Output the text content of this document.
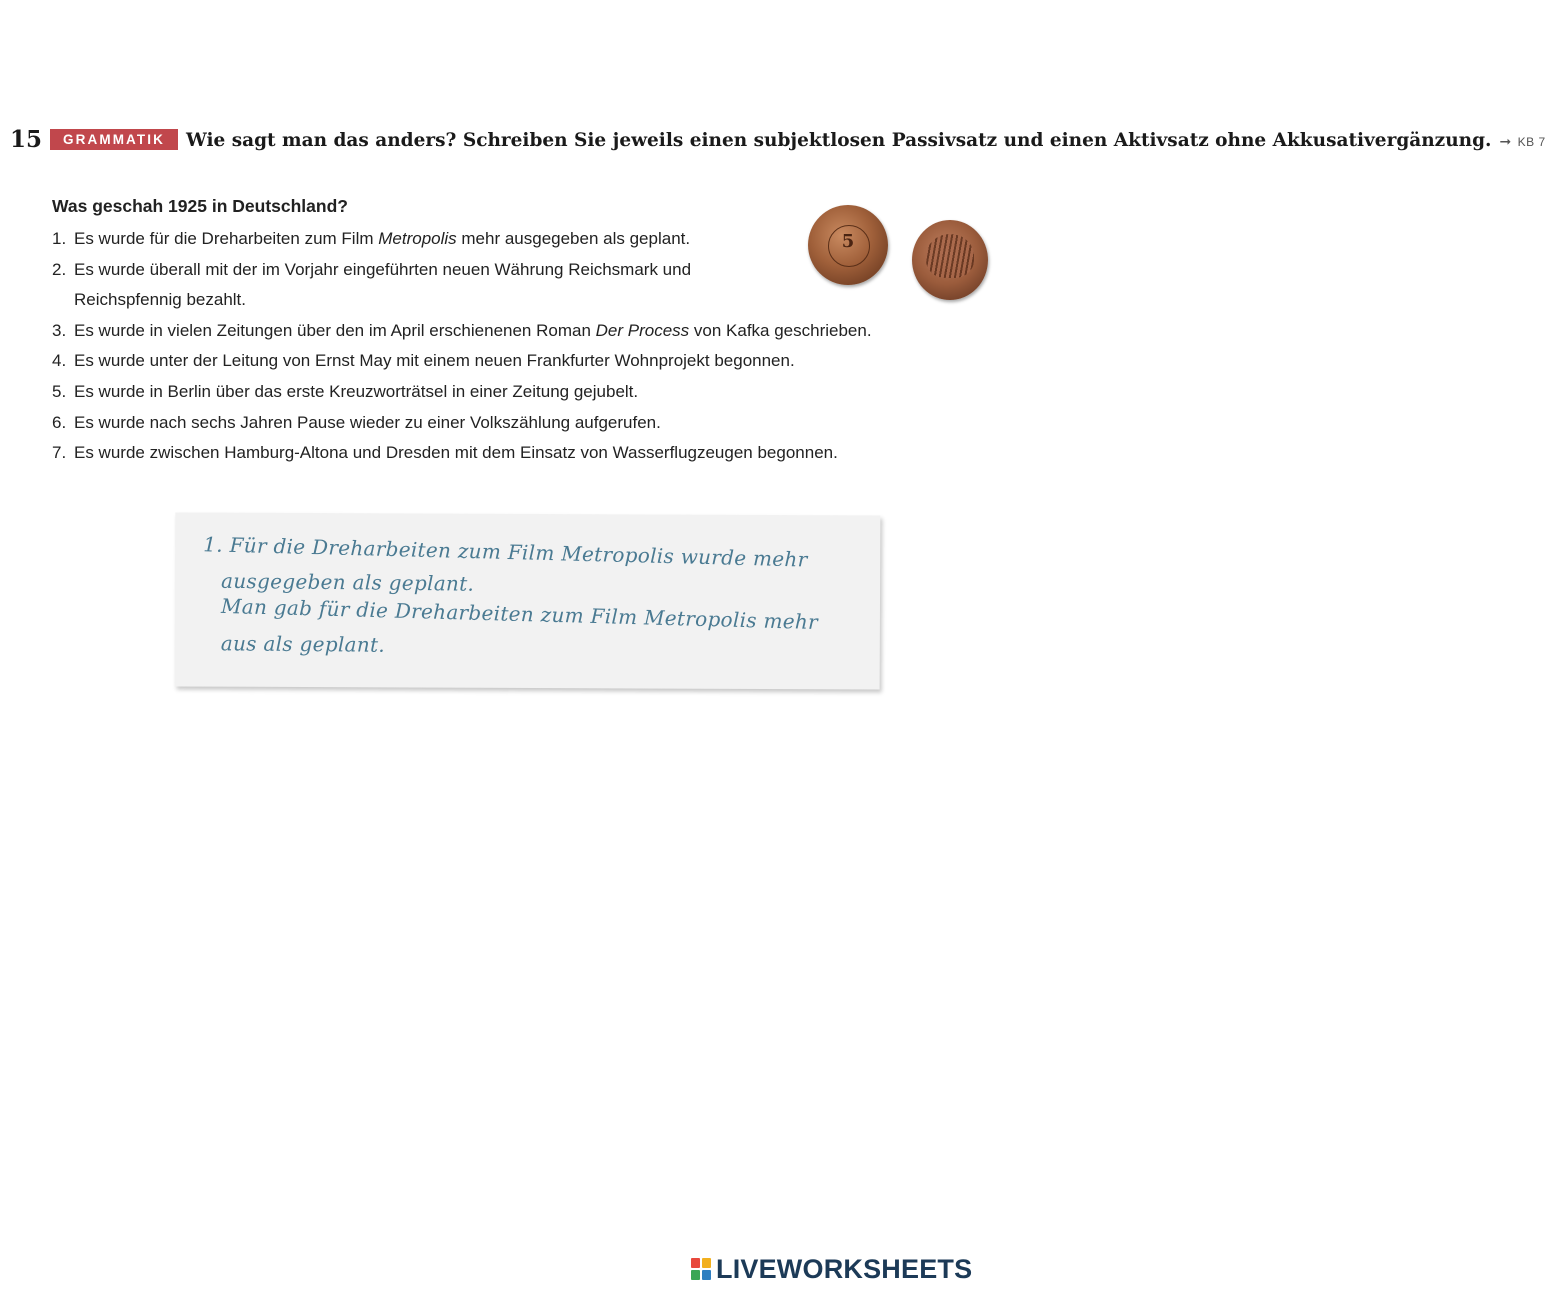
15	GRAMMATIK	Wie sagt man das anders? Schreiben Sie jeweils einen subjektlosen Passivsatz und einen Aktivsatz ohne Akkusativergänzung. ➞ KB 7
Was geschah 1925 in Deutschland?
1. Es wurde für die Dreharbeiten zum Film Metropolis mehr ausgegeben als geplant.
2. Es wurde überall mit der im Vorjahr eingeführten neuen Währung Reichsmark und Reichspfennig bezahlt.
3. Es wurde in vielen Zeitungen über den im April erschienenen Roman Der Process von Kafka geschrieben.
4. Es wurde unter der Leitung von Ernst May mit einem neuen Frankfurter Wohnprojekt begonnen.
5. Es wurde in Berlin über das erste Kreuzworträtsel in einer Zeitung gejubelt.
6. Es wurde nach sechs Jahren Pause wieder zu einer Volkszählung aufgerufen.
7. Es wurde zwischen Hamburg-Altona und Dresden mit dem Einsatz von Wasserflugzeugen begonnen.
5
1. Für die Dreharbeiten zum Film Metropolis wurde mehr
ausgegeben als geplant.
Man gab für die Dreharbeiten zum Film Metropolis mehr
aus als geplant.
LIVEWORKSHEETS
